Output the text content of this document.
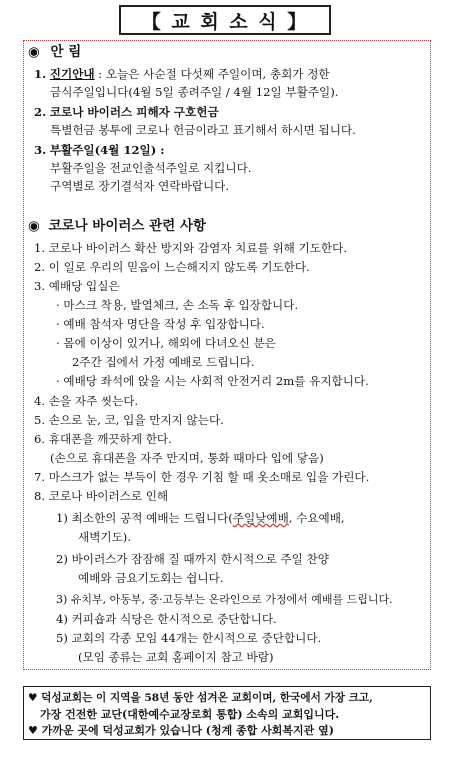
【 교 회 소 식 】
◉ 안 림
1. 진기안내 : 오늘은 사순절 다섯째 주일이며, 총회가 정한
금식주일입니다(4월 5일 종려주일 / 4월 12일 부활주일).
2. 코로나 바이러스 피해자 구호헌금
특별헌금 봉투에 코로나 헌금이라고 표기해서 하시면 됩니다.
3. 부활주일(4월 12일) :
부활주일을 전교인출석주일로 지킵니다.
구역별로 장기결석자 연락바랍니다.
◉ 코로나 바이러스 관련 사항
1. 코로나 바이러스 확산 방지와 감염자 치료를 위해 기도한다.
2. 이 일로 우리의 믿음이 느슨해지지 않도록 기도한다.
3. 예배당 입실은
· 마스크 착용, 발열체크, 손 소독 후 입장합니다.
· 예배 참석자 명단을 작성 후 입장합니다.
· 몸에 이상이 있거나, 해외에 다녀오신 분은
2주간 집에서 가정 예배로 드립니다.
· 예배당 좌석에 앉을 시는 사회적 안전거리 2m를 유지합니다.
4. 손을 자주 씻는다.
5. 손으로 눈, 코, 입을 만지지 않는다.
6. 휴대폰을 깨끗하게 한다.
(손으로 휴대폰을 자주 만지며, 통화 때마다 입에 닿음)
7. 마스크가 없는 부득이 한 경우 기침 할 때 옷소매로 입을 가린다.
8. 코로나 바이러스로 인해
1) 최소한의 공적 예배는 드립니다(주일낮예배, 수요예배,
새벽기도).
2) 바이러스가 잠잠해 질 때까지 한시적으로 주일 찬양
예배와 금요기도회는 쉽니다.
3) 유치부, 아동부, 중·고등부는 온라인으로 가정에서 예배를 드립니다.
4) 커피숍과 식당은 한시적으로 중단합니다.
5) 교회의 각종 모임 44개는 한시적으로 중단합니다.
(모임 종류는 교회 홈페이지 참고 바람)
♥ 덕성교회는 이 지역을 58년 동안 섬겨온 교회이며, 한국에서 가장 크고,
가장 건전한 교단(대한예수교장로회 통합) 소속의 교회입니다.
♥ 가까운 곳에 덕성교회가 있습니다 (청계 종합 사회복지관 옆)
